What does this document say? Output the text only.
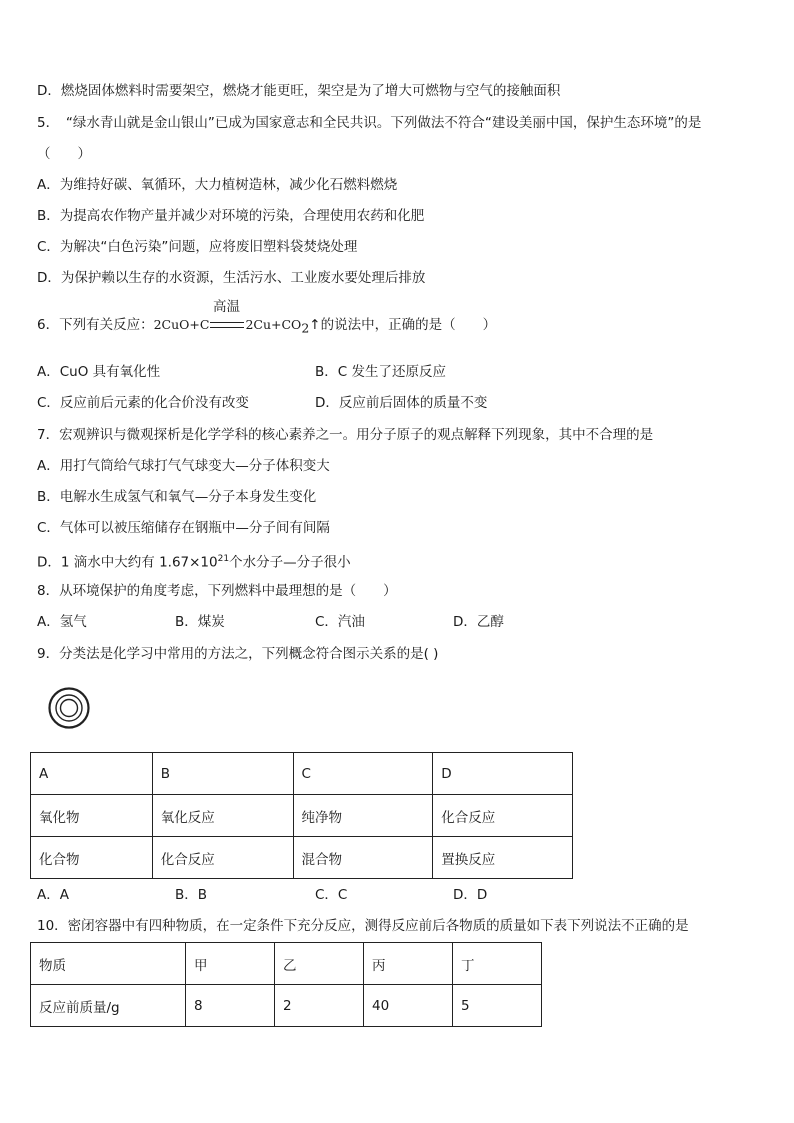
D．燃烧固体燃料时需要架空，燃烧才能更旺，架空是为了增大可燃物与空气的接触面积
5．　“绿水青山就是金山银山”已成为国家意志和全民共识。下列做法不符合“建设美丽中国，保护生态环境”的是
（　　）
A．为维持好碳、氧循环，大力植树造林，减少化石燃料燃烧
B．为提高农作物产量并减少对环境的污染，合理使用农药和化肥
C．为解决“白色污染”问题，应将废旧塑料袋焚烧处理
D．为保护赖以生存的水资源，生活污水、工业废水要处理后排放
6．下列有关反应：2CuO+C
高温
$2Cu+CO_2↑$的说法中，正确的是（　　）
A．CuO 具有氧化性	B．C 发生了还原反应
C．反应前后元素的化合价没有改变	D．反应前后固体的质量不变
7．宏观辨识与微观探析是化学学科的核心素养之一。用分子原子的观点解释下列现象，其中不合理的是
A．用打气筒给气球打气气球变大—分子体积变大
B．电解水生成氢气和氧气—分子本身发生变化
C．气体可以被压缩储存在钢瓶中—分子间有间隔
D．1 滴水中大约有 $1.67\times 10^{21}$个水分子—分子很小
8．从环境保护的角度考虑，下列燃料中最理想的是（　　）
A．氢气	B．煤炭	C．汽油	D．乙醇
9．分类法是化学习中常用的方法之，下列概念符合图示关系的是( )
A	B	C	D
氧化物	氧化反应	纯净物	化合反应
化合物	化合反应	混合物	置换反应
A．A	B．B	C．C	D．D
10．密闭容器中有四种物质，在一定条件下充分反应，测得反应前后各物质的质量如下表下列说法不正确的是
物质	甲	乙	丙	丁
反应前质量/g	8	2	40	5
